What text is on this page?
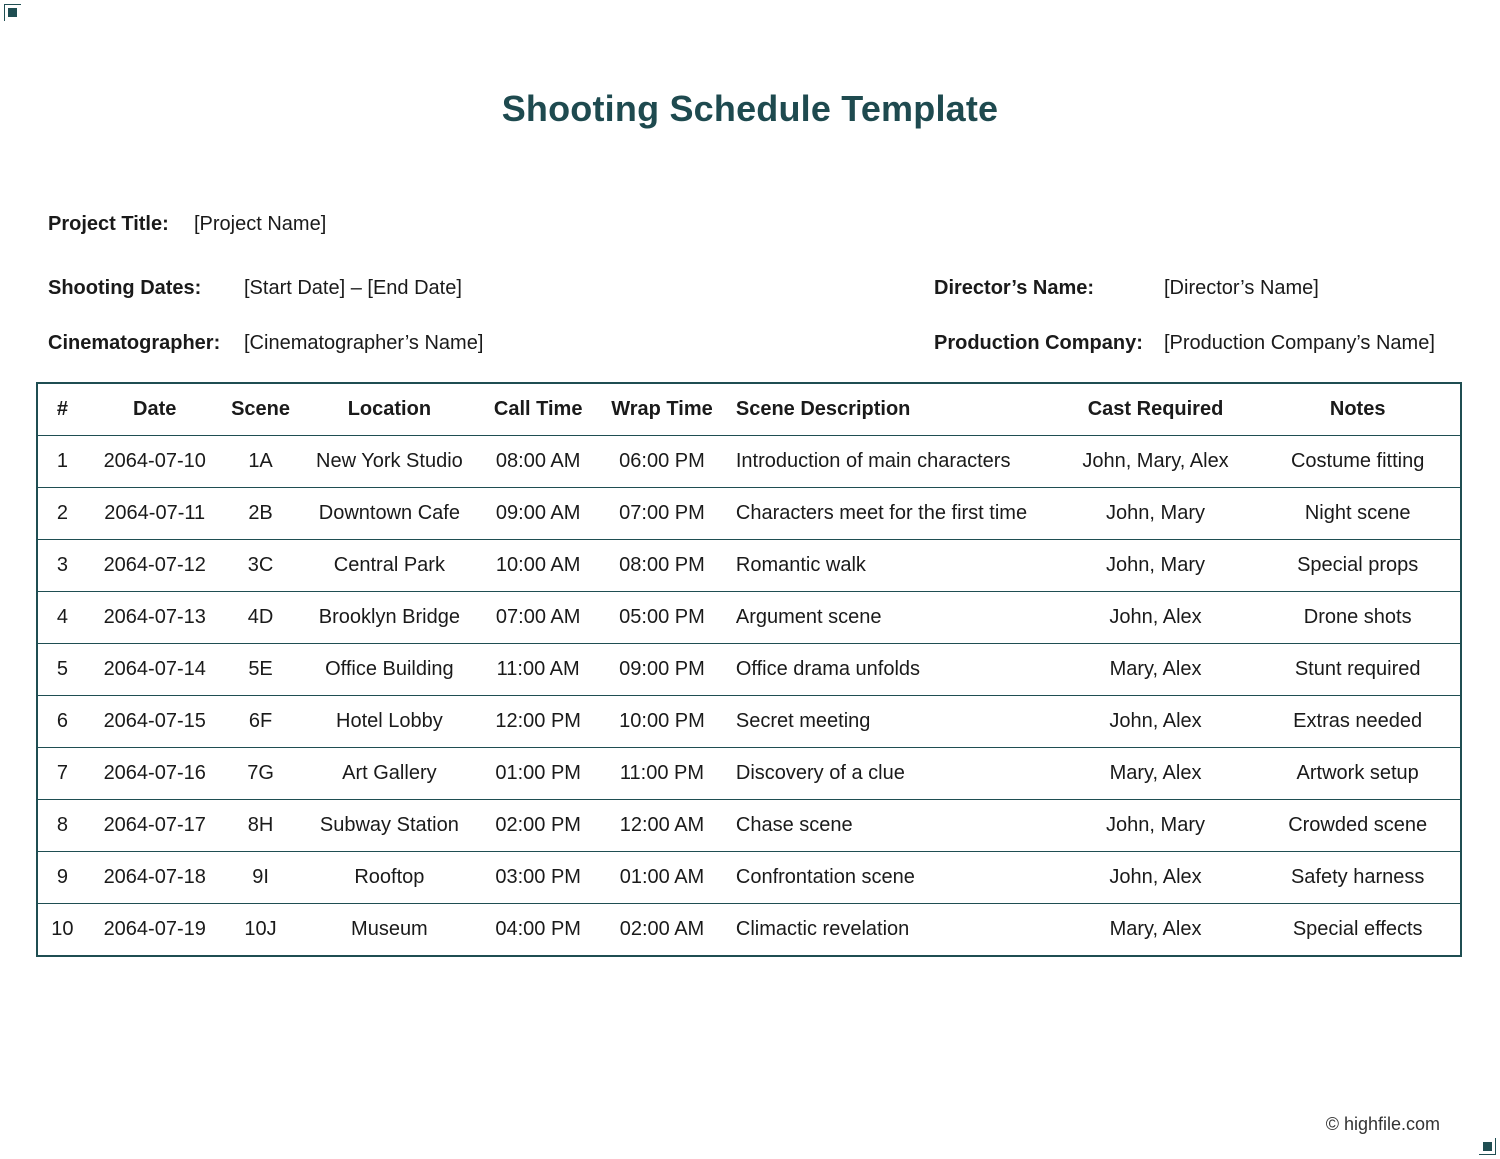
Shooting Schedule Template
Project Title: [Project Name]
Shooting Dates: [Start Date] – [End Date]
Cinematographer: [Cinematographer’s Name]
Director’s Name:	[Director’s Name]
Production Company: [Production Company’s Name]
#	Date	Scene	Location	Call Time	Wrap Time	Scene Description	Cast Required	Notes
1	2064-07-10	1A	New York Studio	08:00 AM	06:00 PM	Introduction of main characters	John, Mary, Alex	Costume fitting
2	2064-07-11	2B	Downtown Cafe	09:00 AM	07:00 PM	Characters meet for the first time	John, Mary	Night scene
3	2064-07-12	3C	Central Park	10:00 AM	08:00 PM	Romantic walk	John, Mary	Special props
4	2064-07-13	4D	Brooklyn Bridge	07:00 AM	05:00 PM	Argument scene	John, Alex	Drone shots
5	2064-07-14	5E	Office Building	11:00 AM	09:00 PM	Office drama unfolds	Mary, Alex	Stunt required
6	2064-07-15	6F	Hotel Lobby	12:00 PM	10:00 PM	Secret meeting	John, Alex	Extras needed
7	2064-07-16	7G	Art Gallery	01:00 PM	11:00 PM	Discovery of a clue	Mary, Alex	Artwork setup
8	2064-07-17	8H	Subway Station	02:00 PM	12:00 AM	Chase scene	John, Mary	Crowded scene
9	2064-07-18	9I	Rooftop	03:00 PM	01:00 AM	Confrontation scene	John, Alex	Safety harness
10	2064-07-19	10J	Museum	04:00 PM	02:00 AM	Climactic revelation	Mary, Alex	Special effects
© highfile.com
